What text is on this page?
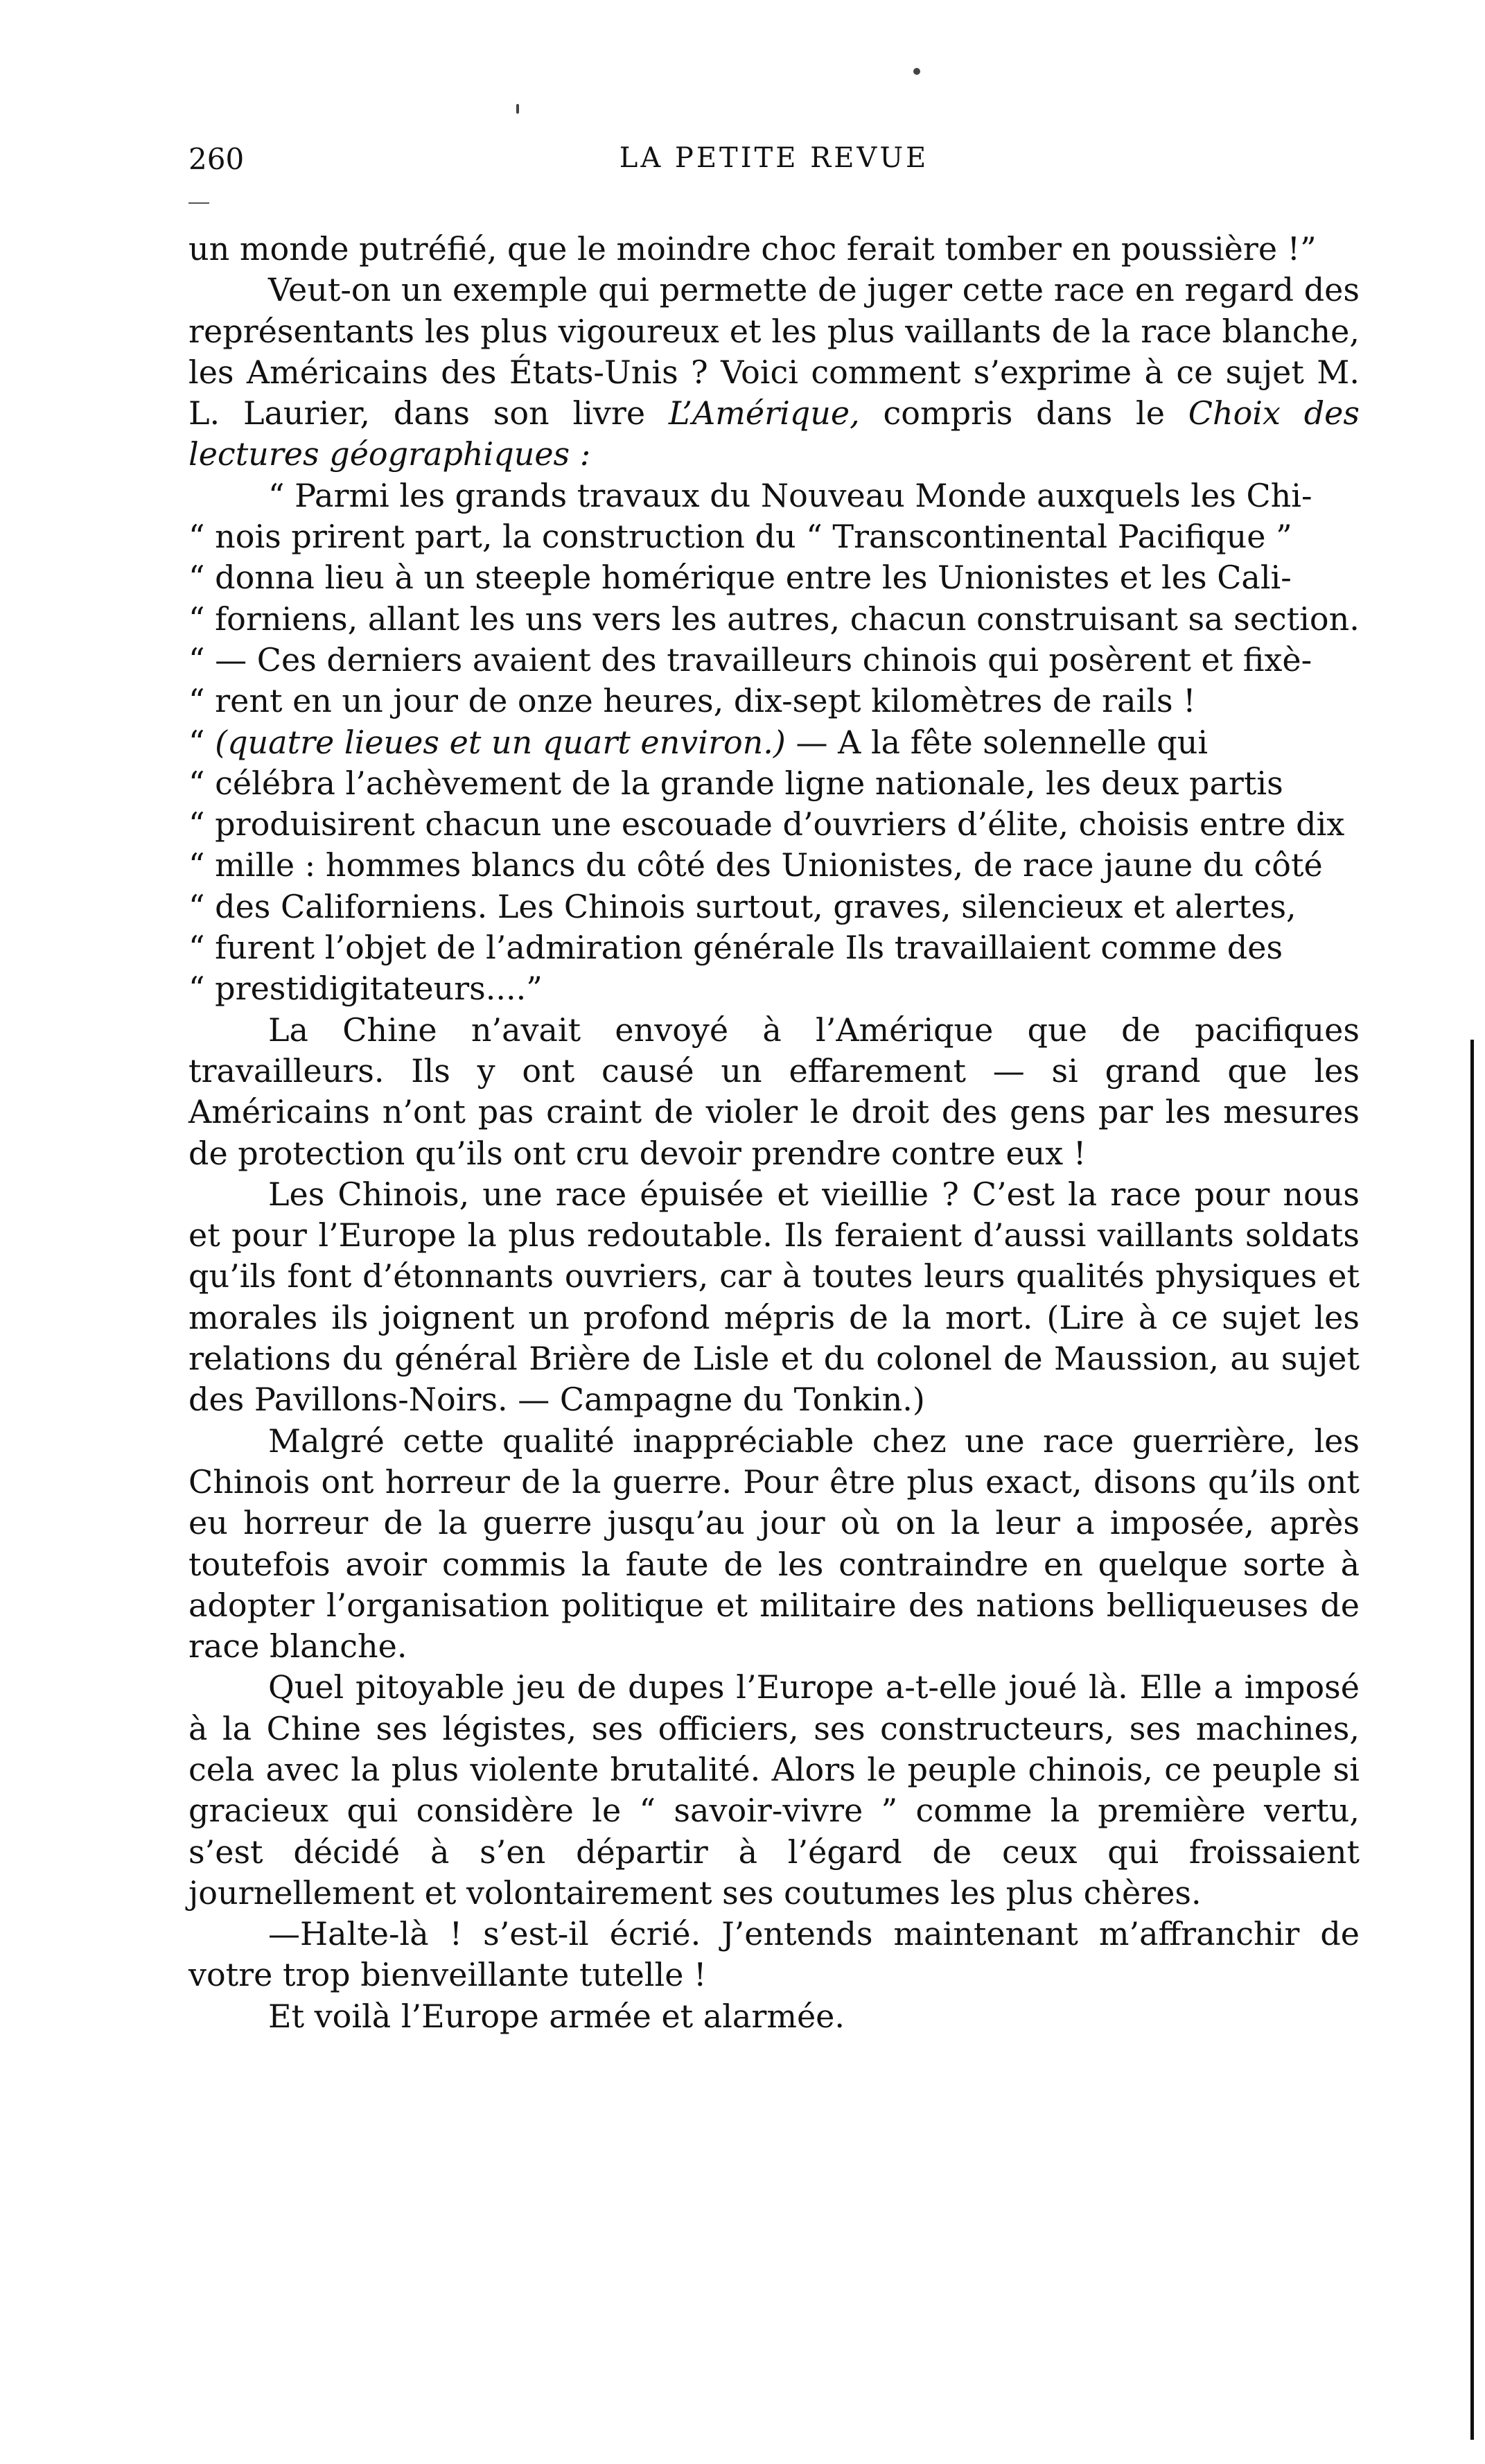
260	LA PETITE REVUE

un monde putréfié, que le moindre choc ferait tomber en poussière !”

Veut-on un exemple qui permette de juger cette race en regard des représentants les plus vigoureux et les plus vaillants de la race blanche, les Américains des États-Unis ? Voici comment s’exprime à ce sujet M. L. Laurier, dans son livre L’Amérique, compris dans le Choix des lectures géographiques :

“ Parmi les grands travaux du Nouveau Monde auxquels les Chi-
“ nois prirent part, la construction du “ Transcontinental Pacifique ”
“ donna lieu à un steeple homérique entre les Unionistes et les Cali-
“ forniens, allant les uns vers les autres, chacun construisant sa section.
“ — Ces derniers avaient des travailleurs chinois qui posèrent et fixè-
“ rent en un jour de onze heures, dix-sept kilomètres de rails !
“ (quatre lieues et un quart environ.) — A la fête solennelle qui
“ célébra l’achèvement de la grande ligne nationale, les deux partis
“ produisirent chacun une escouade d’ouvriers d’élite, choisis entre dix
“ mille : hommes blancs du côté des Unionistes, de race jaune du côté
“ des Californiens. Les Chinois surtout, graves, silencieux et alertes,
“ furent l’objet de l’admiration générale Ils travaillaient comme des
“ prestidigitateurs....”

La Chine n’avait envoyé à l’Amérique que de pacifiques travailleurs. Ils y ont causé un effarement — si grand que les Américains n’ont pas craint de violer le droit des gens par les mesures de protection qu’ils ont cru devoir prendre contre eux !

Les Chinois, une race épuisée et vieillie ? C’est la race pour nous et pour l’Europe la plus redoutable. Ils feraient d’aussi vaillants soldats qu’ils font d’étonnants ouvriers, car à toutes leurs qualités physiques et morales ils joignent un profond mépris de la mort. (Lire à ce sujet les relations du général Brière de Lisle et du colonel de Maussion, au sujet des Pavillons-Noirs. — Campagne du Tonkin.)

Malgré cette qualité inappréciable chez une race guerrière, les Chinois ont horreur de la guerre. Pour être plus exact, disons qu’ils ont eu horreur de la guerre jusqu’au jour où on la leur a imposée, après toutefois avoir commis la faute de les contraindre en quelque sorte à adopter l’organisation politique et militaire des nations belliqueuses de race blanche.

Quel pitoyable jeu de dupes l’Europe a-t-elle joué là. Elle a imposé à la Chine ses légistes, ses officiers, ses constructeurs, ses machines, cela avec la plus violente brutalité. Alors le peuple chinois, ce peuple si gracieux qui considère le “ savoir-vivre ” comme la première vertu, s’est décidé à s’en départir à l’égard de ceux qui froissaient journellement et volontairement ses coutumes les plus chères.

—Halte-là ! s’est-il écrié. J’entends maintenant m’affranchir de votre trop bienveillante tutelle !

Et voilà l’Europe armée et alarmée.
